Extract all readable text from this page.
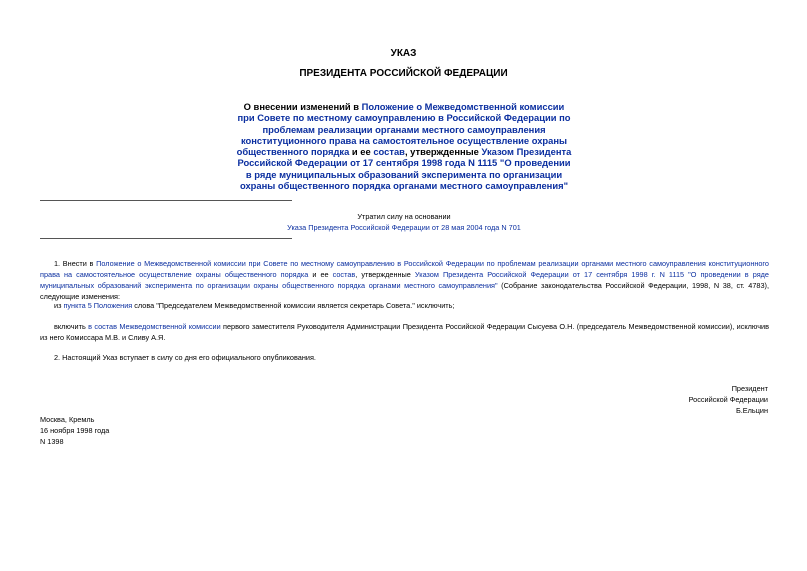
УКАЗ
ПРЕЗИДЕНТА РОССИЙСКОЙ ФЕДЕРАЦИИ
О внесении изменений в Положение о Межведомственной комиссии при Совете по местному самоуправлению в Российской Федерации по проблемам реализации органами местного самоуправления конституционного права на самостоятельное осуществление охраны общественного порядка и ее состав, утвержденные Указом Президента Российской Федерации от 17 сентября 1998 года N 1115 "О проведении в ряде муниципальных образований эксперимента по организации охраны общественного порядка органами местного самоуправления"
Утратил силу на основании
Указа Президента Российской Федерации от 28 мая 2004 года N 701
1. Внести в Положение о Межведомственной комиссии при Совете по местному самоуправлению в Российской Федерации по проблемам реализации органами местного самоуправления конституционного права на самостоятельное осуществление охраны общественного порядка и ее состав, утвержденные Указом Президента Российской Федерации от 17 сентября 1998 г. N 1115 "О проведении в ряде муниципальных образований эксперимента по организации охраны общественного порядка органами местного самоуправления" (Собрание законодательства Российской Федерации, 1998, N 38, ст. 4783), следующие изменения:
из пункта 5 Положения слова "Председателем Межведомственной комиссии является секретарь Совета." исключить;
включить в состав Межведомственной комиссии первого заместителя Руководителя Администрации Президента Российской Федерации Сысуева О.Н. (председатель Межведомственной комиссии), исключив из него Комиссара М.В. и Сливу А.Я.
2. Настоящий Указ вступает в силу со дня его официального опубликования.
Президент
Российской Федерации
Б.Ельцин
Москва, Кремль
16 ноября 1998 года
N 1398
